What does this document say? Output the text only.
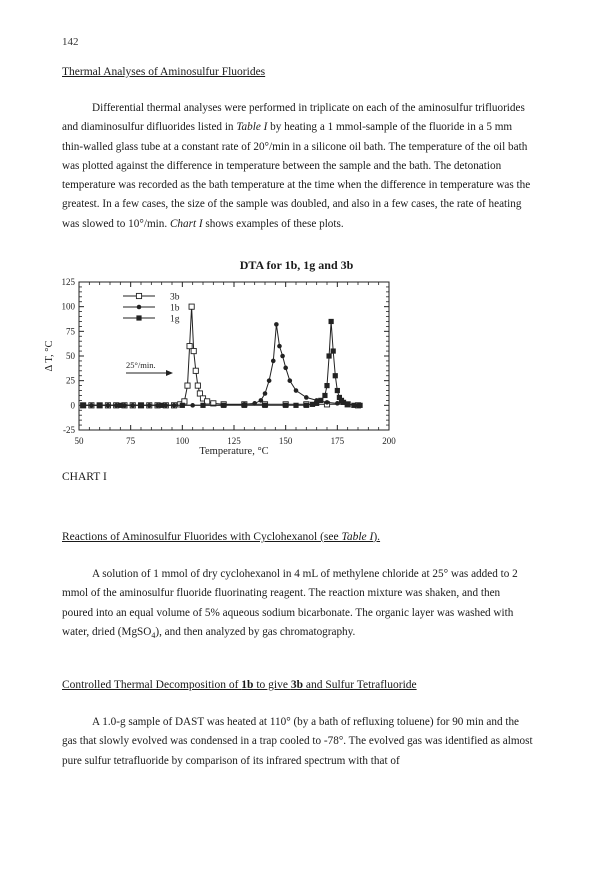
142
Thermal Analyses of Aminosulfur Fluorides
Differential thermal analyses were performed in triplicate on each of the aminosulfur trifluorides and diaminosulfur difluorides listed in Table I by heating a 1 mmol-sample of the fluoride in a 5 mm thin-walled glass tube at a constant rate of 20°/min in a silicone oil bath. The temperature of the oil bath was plotted against the difference in temperature between the sample and the bath. The detonation temperature was recorded as the bath temperature at the time when the difference in temperature was the greatest. In a few cases, the size of the sample was doubled, and also in a few cases, the rate of heating was slowed to 10°/min. Chart I shows examples of these plots.
DTA for 1b, 1g and 3b
50	75	100	125	150	175	200
-25
0
25
50
75
100
125
Temperature, °C
Δ T, °C
3b
1b
1g
25°/min.
CHART I
Reactions of Aminosulfur Fluorides with Cyclohexanol (see Table I).
A solution of 1 mmol of dry cyclohexanol in 4 mL of methylene chloride at 25° was added to 2 mmol of the aminosulfur fluoride fluorinating reagent. The reaction mixture was shaken, and then poured into an equal volume of 5% aqueous sodium bicarbonate. The organic layer was washed with water, dried (MgSO$_4$), and then analyzed by gas chromatography.
Controlled Thermal Decomposition of 1b to give 3b and Sulfur Tetrafluoride
A 1.0-g sample of DAST was heated at 110° (by a bath of refluxing toluene) for 90 min and the gas that slowly evolved was condensed in a trap cooled to -78°. The evolved gas was identified as almost pure sulfur tetrafluoride by comparison of its infrared spectrum with that of
